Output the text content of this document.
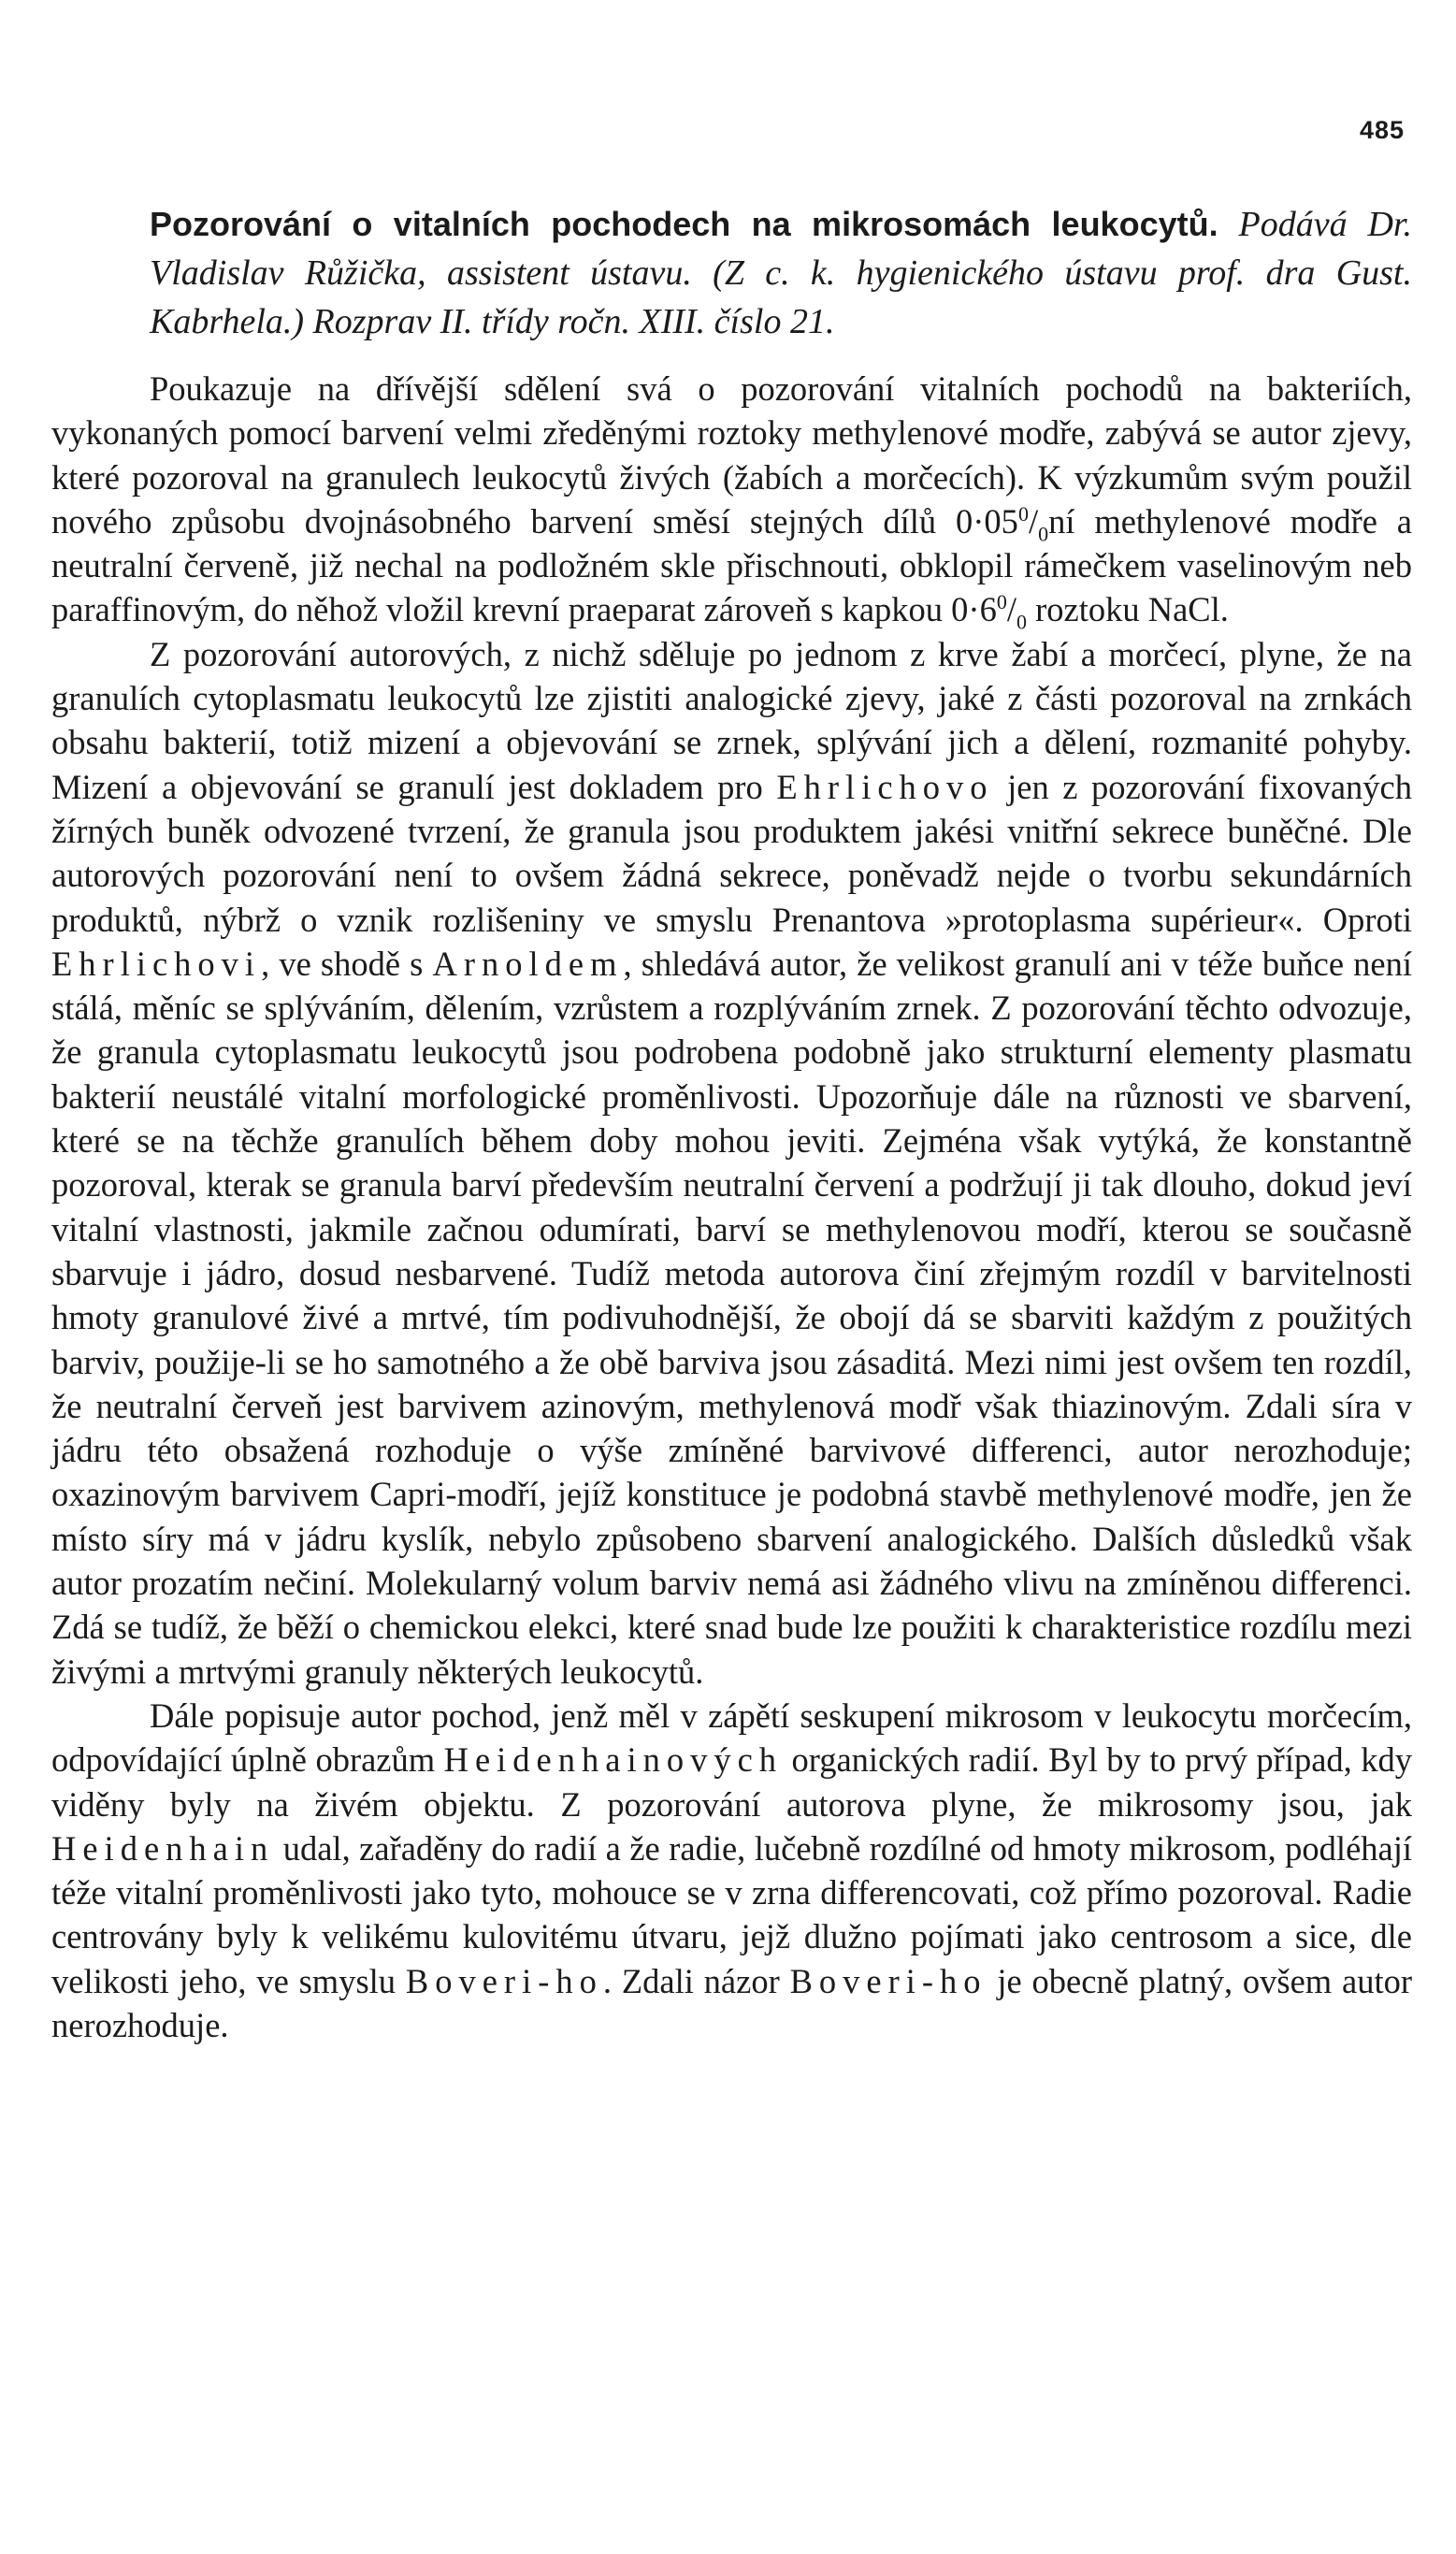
485
Pozorování o vitalních pochodech na mikrosomách leukocytů. Podává Dr. Vladislav Růžička, assistent ústavu. (Z c. k. hygienického ústavu prof. dra Gust. Kabrhela.) Rozprav II. třídy ročn. XIII. číslo 21.

Poukazuje na dřívější sdělení svá o pozorování vitalních pochodů na bakteriích, vykonaných pomocí barvení velmi zředěnými roztoky methylenové modře, zabývá se autor zjevy, které pozoroval na granulech leukocytů živých (žabích a morčecích). K výzkumům svým použil nového způsobu dvojnásobného barvení směsí stejných dílů $0\cdot 05^0/_0ní$ methylenové modře a neutralní červeně, již nechal na podložném skle přischnouti, obklopil rámečkem vaselinovým neb paraffinovým, do něhož vložil krevní praeparat zároveň s kapkou $0\cdot 6^0/_0$ roztoku NaCl.

Z pozorování autorových, z nichž sděluje po jednom z krve žabí a morčecí, plyne, že na granulích cytoplasmatu leukocytů lze zjistiti analogické zjevy, jaké z části pozoroval na zrnkách obsahu bakterií, totiž mizení a objevování se zrnek, splývání jich a dělení, rozmanité pohyby. Mizení a objevování se granulí jest dokladem pro Ehrlichovo jen z pozorování fixovaných žírných buněk odvozené tvrzení, že granula jsou produktem jakési vnitřní sekrece buněčné. Dle autorových pozorování není to ovšem žádná sekrece, poněvadž nejde o tvorbu sekundárních produktů, nýbrž o vznik rozlišeniny ve smyslu Prenantova »protoplasma supérieur«. Oproti Ehrlichovi, ve shodě s Arnoldem, shledává autor, že velikost granulí ani v téže buňce není stálá, měníc se splýváním, dělením, vzrůstem a rozplýváním zrnek. Z pozorování těchto odvozuje, že granula cytoplasmatu leukocytů jsou podrobena podobně jako strukturní elementy plasmatu bakterií neustálé vitalní morfologické proměnlivosti. Upozorňuje dále na různosti ve sbarvení, které se na těchže granulích během doby mohou jeviti. Zejména však vytýká, že konstantně pozoroval, kterak se granula barví především neutralní červení a podržují ji tak dlouho, dokud jeví vitalní vlastnosti, jakmile začnou odumírati, barví se methylenovou modří, kterou se současně sbarvuje i jádro, dosud nesbarvené. Tudíž metoda autorova činí zřejmým rozdíl v barvitelnosti hmoty granulové živé a mrtvé, tím podivuhodnější, že obojí dá se sbarviti každým z použitých barviv, použije-li se ho samotného a že obě barviva jsou zásaditá. Mezi nimi jest ovšem ten rozdíl, že neutralní červeň jest barvivem azinovým, methylenová modř však thiazinovým. Zdali síra v jádru této obsažená rozhoduje o výše zmíněné barvivové differenci, autor nerozhoduje; oxazinovým barvivem Capri-modří, jejíž konstituce je podobná stavbě methylenové modře, jen že místo síry má v jádru kyslík, nebylo způsobeno sbarvení analogického. Dalších důsledků však autor prozatím nečiní. Molekularný volum barviv nemá asi žádného vlivu na zmíněnou differenci. Zdá se tudíž, že běží o chemickou elekci, které snad bude lze použiti k charakteristice rozdílu mezi živými a mrtvými granuly některých leukocytů.

Dále popisuje autor pochod, jenž měl v zápětí seskupení mikrosom v leukocytu morčecím, odpovídající úplně obrazům Heidenhainových organických radií. Byl by to prvý případ, kdy viděny byly na živém objektu. Z pozorování autorova plyne, že mikrosomy jsou, jak Heidenhain udal, zařaděny do radií a že radie, lučebně rozdílné od hmoty mikrosom, podléhají téže vitalní proměnlivosti jako tyto, mohouce se v zrna differencovati, což přímo pozoroval. Radie centrovány byly k velikému kulovitému útvaru, jejž dlužno pojímati jako centrosom a sice, dle velikosti jeho, ve smyslu Boveri-ho. Zdali názor Boveri-ho je obecně platný, ovšem autor nerozhoduje.
